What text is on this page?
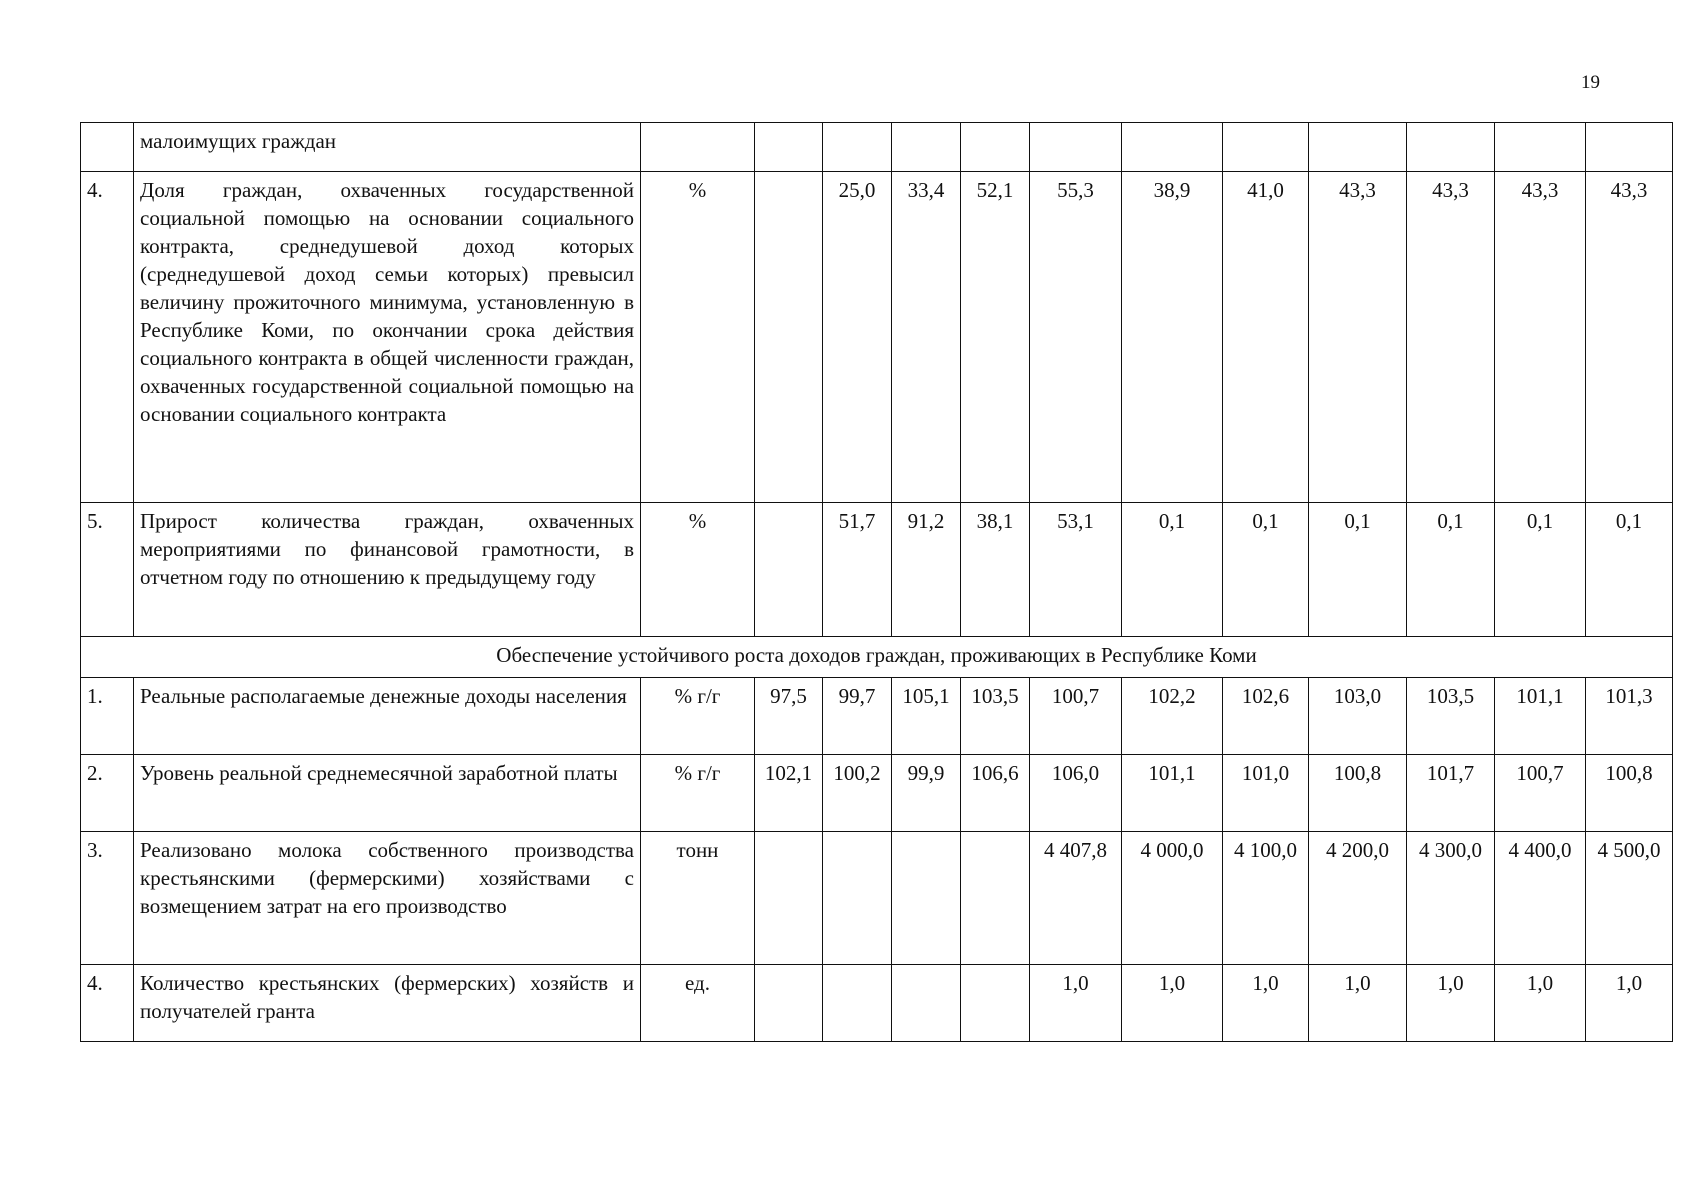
19
	малоимущих граждан												
4.	Доля граждан, охваченных государственной социальной помощью на основании социального контракта, среднедушевой доход которых (среднедушевой доход семьи которых) превысил величину прожиточного минимума, установленную в Республике Коми, по окончании срока действия социального контракта в общей численности граждан, охваченных государственной социальной помощью на основании социального контракта	%		25,0	33,4	52,1	55,3	38,9	41,0	43,3	43,3	43,3	43,3
5.	Прирост количества граждан, охваченных мероприятиями по финансовой грамотности, в отчетном году по отношению к предыдущему году	%		51,7	91,2	38,1	53,1	0,1	0,1	0,1	0,1	0,1	0,1
Обеспечение устойчивого роста доходов граждан, проживающих в Республике Коми													
1.	Реальные располагаемые денежные доходы населения	% г/г	97,5	99,7	105,1	103,5	100,7	102,2	102,6	103,0	103,5	101,1	101,3
2.	Уровень реальной среднемесячной заработной платы	% г/г	102,1	100,2	99,9	106,6	106,0	101,1	101,0	100,8	101,7	100,7	100,8
3.	Реализовано молока собственного производства крестьянскими (фермерскими) хозяйствами с возмещением затрат на его производство	тонн					4 407,8	4 000,0	4 100,0	4 200,0	4 300,0	4 400,0	4 500,0
4.	Количество крестьянских (фермерских) хозяйств и получателей гранта	ед.					1,0	1,0	1,0	1,0	1,0	1,0	1,0
